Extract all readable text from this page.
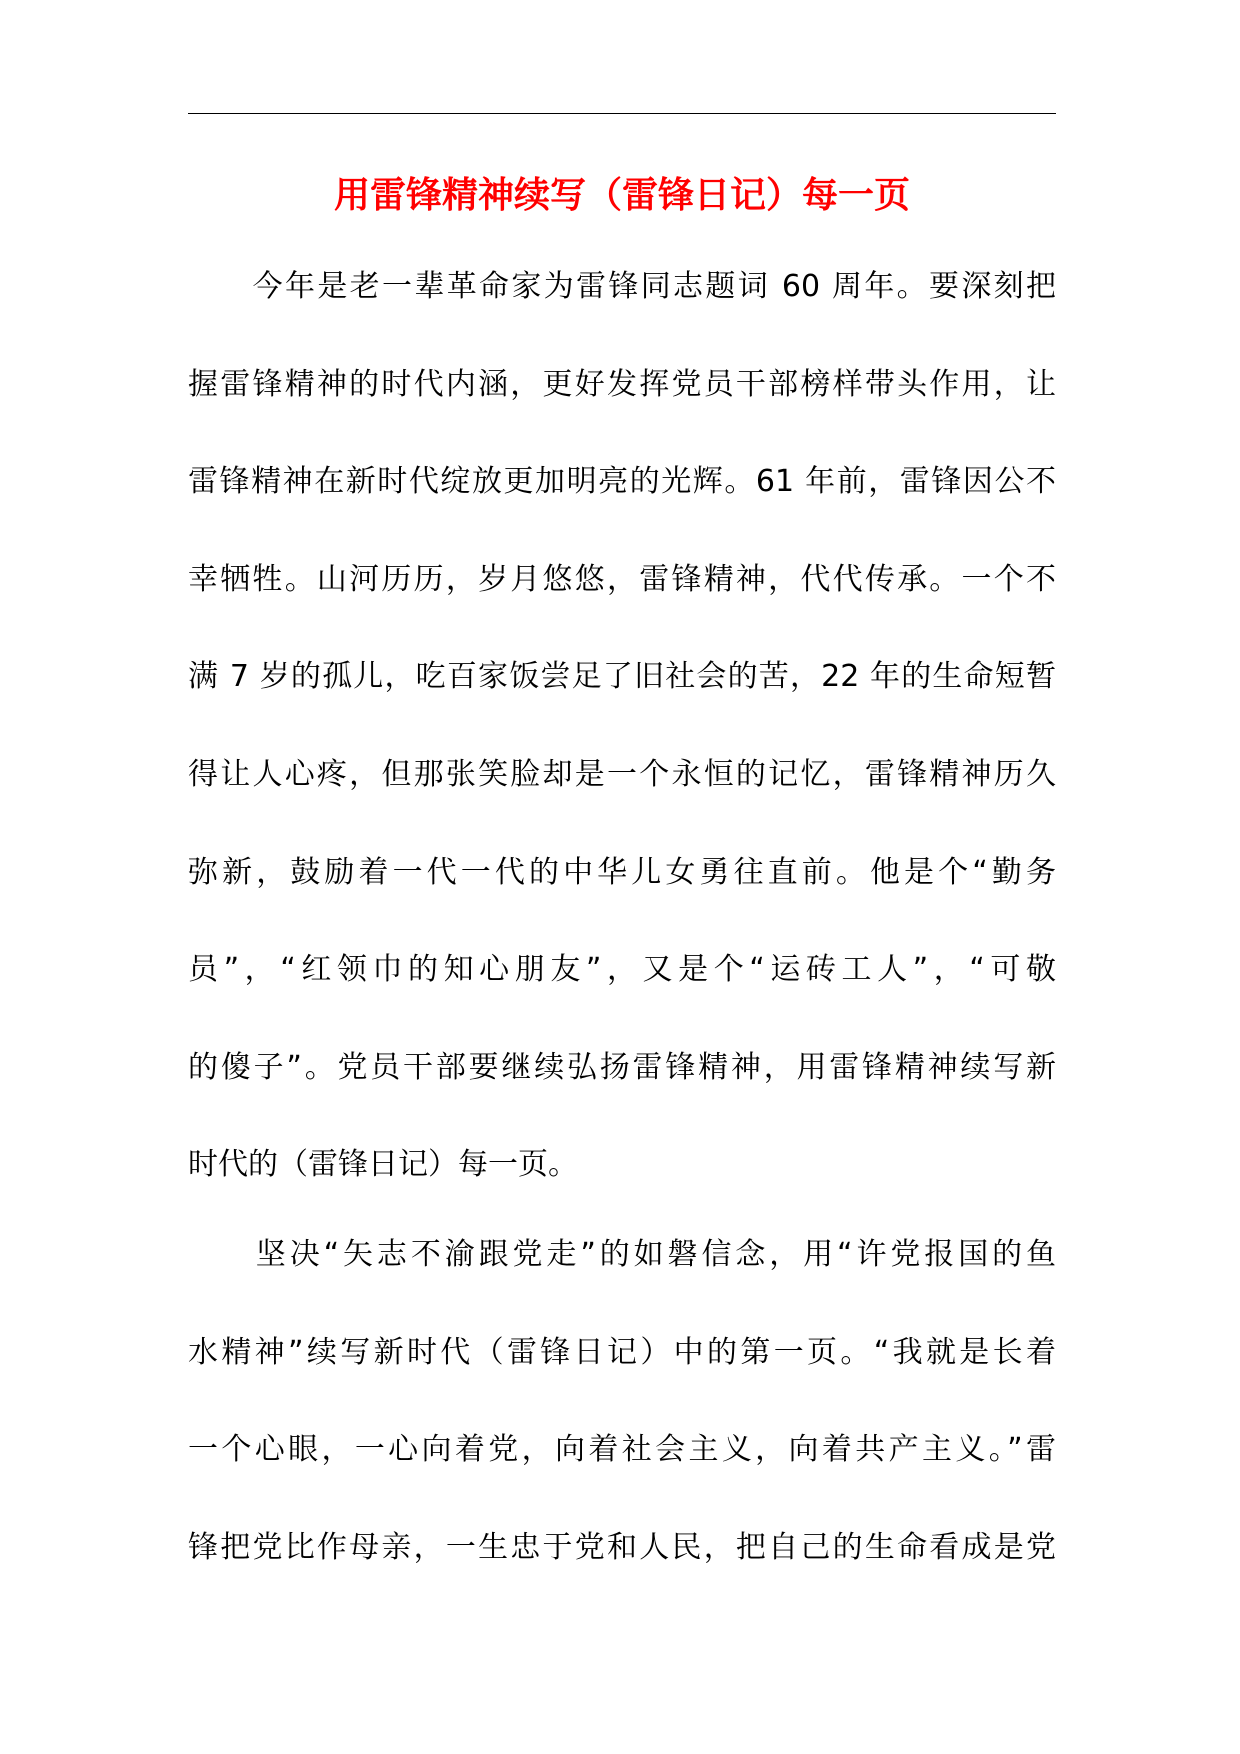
用雷锋精神续写（雷锋日记）每一页
　　今年是老一辈革命家为雷锋同志题词 60 周年。要深刻把
握雷锋精神的时代内涵，更好发挥党员干部榜样带头作用，让
雷锋精神在新时代绽放更加明亮的光辉。61 年前，雷锋因公不
幸牺牲。山河历历，岁月悠悠，雷锋精神，代代传承。一个不
满 7 岁的孤儿，吃百家饭尝足了旧社会的苦，22 年的生命短暂
得让人心疼，但那张笑脸却是一个永恒的记忆，雷锋精神历久
弥新，鼓励着一代一代的中华儿女勇往直前。他是个“勤务
员”，“红领巾的知心朋友”，又是个“运砖工人”，“可敬
的傻子”。党员干部要继续弘扬雷锋精神，用雷锋精神续写新
时代的（雷锋日记）每一页。
　　坚决“矢志不渝跟党走”的如磐信念，用“许党报国的鱼
水精神”续写新时代（雷锋日记）中的第一页。“我就是长着
一个心眼，一心向着党，向着社会主义，向着共产主义。”雷
锋把党比作母亲，一生忠于党和人民，把自己的生命看成是党
